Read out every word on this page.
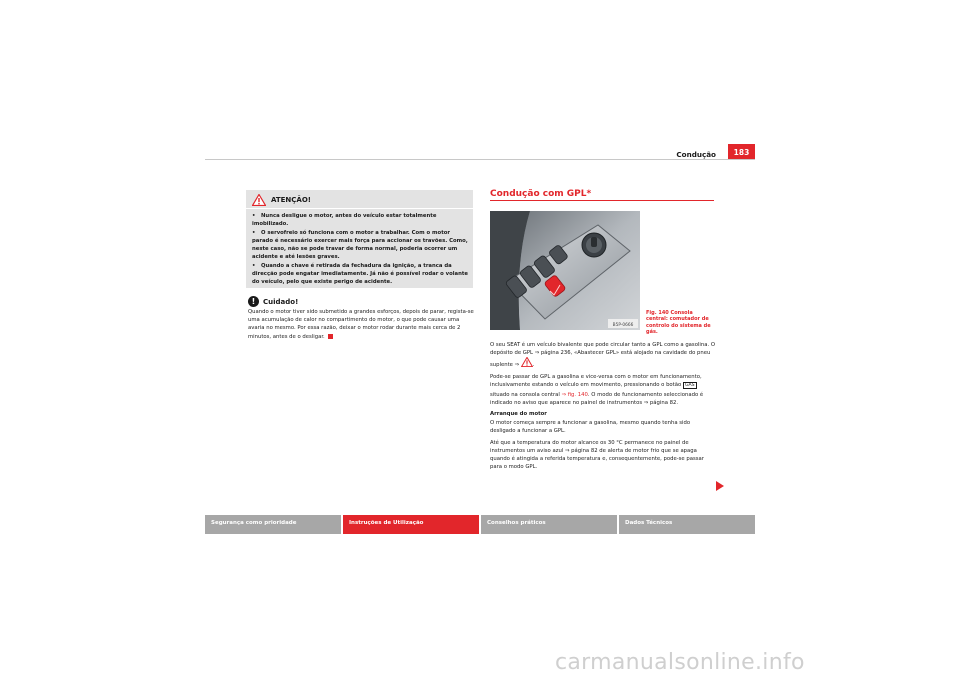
Condução	183
ATENÇÃO!

• Nunca desligue o motor, antes do veículo estar totalmente imobilizado.

• O servofreio só funciona com o motor a trabalhar. Com o motor parado é necessário exercer mais força para accionar os travões. Como, neste caso, não se pode travar de forma normal, poderia ocorrer um acidente e até lesões graves.

• Quando a chave é retirada da fechadura da ignição, a tranca da direcção pode engatar imediatamente. Já não é possível rodar o volante do veículo, pelo que existe perigo de acidente.

!	Cuidado!
Quando o motor tiver sido submetido a grandes esforços, depois de parar, regista-se uma acumulação de calor no compartimento do motor, o que pode causar uma avaria no mesmo. Por essa razão, deixar o motor rodar durante mais cerca de 2 minutos, antes de o desligar.
Condução com GPL*
B5P-0666
Fig. 140 Consola central: comutador de controlo do sistema de gás.

O seu SEAT é um veículo bivalente que pode circular tanto a GPL como a gasolina. O depósito de GPL ⇒ página 236, «Abastecer GPL» está alojado na cavidade do pneu suplente ⇒	.

Pode-se passar de GPL a gasolina e vice-versa com o motor em funcionamento, inclusivamente estando o veículo em movimento, pressionando o botão GAS situado na consola central ⇒ fig. 140. O modo de funcionamento seleccionado é indicado no aviso que aparece no painel de instrumentos ⇒ página 82.

Arranque do motor

O motor começa sempre a funcionar a gasolina, mesmo quando tenha sido desligado a funcionar a GPL.

Até que a temperatura do motor alcance os 30 °C permanece no painel de instrumentos um aviso azul ⇒ página 82 de alerta de motor frio que se apaga quando é atingida a referida temperatura e, consequentemente, pode-se passar para o modo GPL.

Segurança como prioridade	Instruções de Utilização	Conselhos práticos	Dados Técnicos
carmanualsonline.info
